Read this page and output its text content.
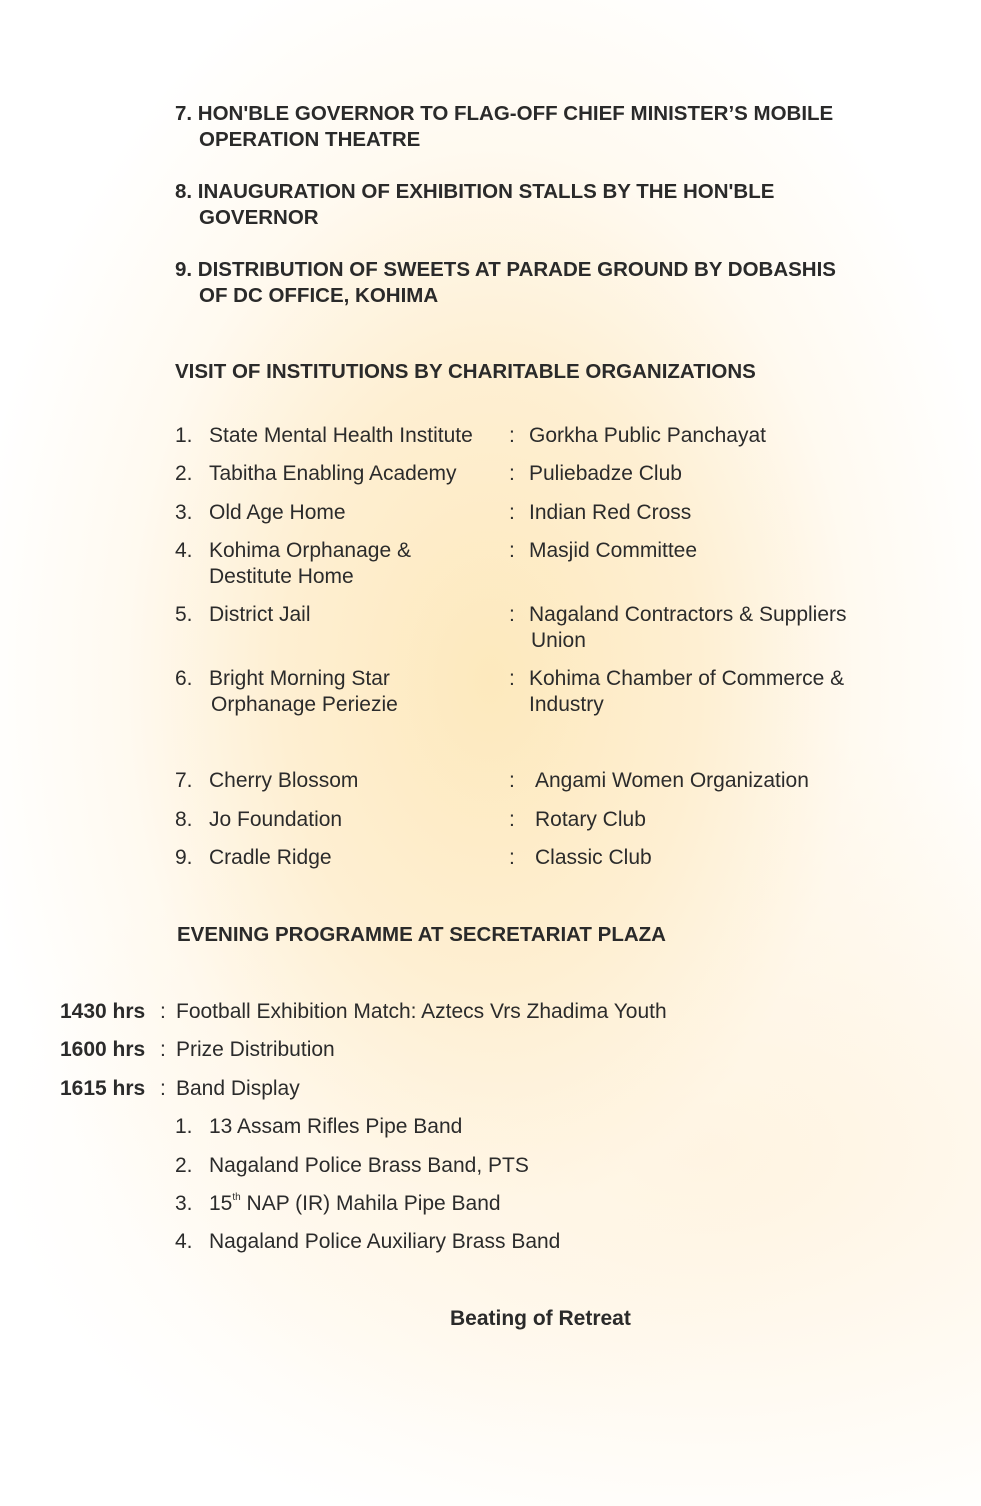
7. HON'BLE GOVERNOR TO FLAG-OFF CHIEF MINISTER’S MOBILE
OPERATION THEATRE
8. INAUGURATION OF EXHIBITION STALLS BY THE HON'BLE
GOVERNOR
9. DISTRIBUTION OF SWEETS AT PARADE GROUND BY DOBASHIS
OF DC OFFICE, KOHIMA
VISIT OF INSTITUTIONS BY CHARITABLE ORGANIZATIONS
1. State Mental Health Institute : Gorkha Public Panchayat
2. Tabitha Enabling Academy	: Puliebadze Club
3. Old Age Home	: Indian Red Cross
4. Kohima Orphanage &
Destitute Home
: Masjid Committee
5. District Jail	: Nagaland Contractors & Suppliers
Union
6. Bright Morning Star
Orphanage Periezie
: Kohima Chamber of Commerce &
Industry
7. Cherry Blossom	: Angami Women Organization
8. Jo Foundation	: Rotary Club
9. Cradle Ridge	: Classic Club
EVENING PROGRAMME AT SECRETARIAT PLAZA
1430 hrs : Football Exhibition Match: Aztecs Vrs Zhadima Youth
1600 hrs : Prize Distribution
1615 hrs : Band Display
1. 13 Assam Rifles Pipe Band
2. Nagaland Police Brass Band, PTS
3. 15th NAP (IR) Mahila Pipe Band
4. Nagaland Police Auxiliary Brass Band
Beating of Retreat
